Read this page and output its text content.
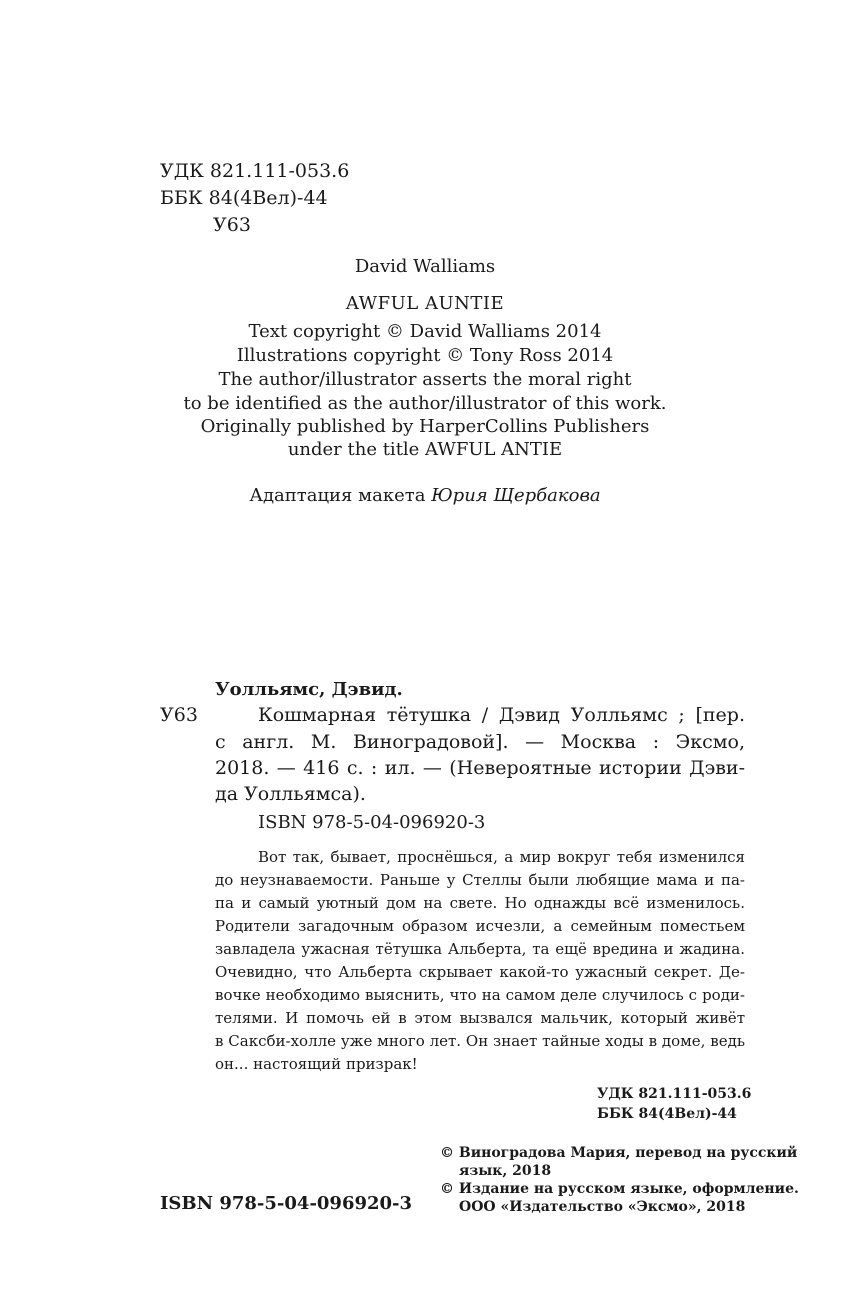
УДК 821.111-053.6
ББК 84(4Вел)-44
У63
David Walliams
AWFUL AUNTIE
Text copyright © David Walliams 2014
Illustrations copyright © Tony Ross 2014
The author/illustrator asserts the moral right
to be identified as the author/illustrator of this work.
Originally published by HarperCollins Publishers
under the title AWFUL ANTIE
Адаптация макета Юрия Щербакова
Уолльямс, Дэвид.
У63	Кошмарная тётушка / Дэвид Уолльямс ; [пер.
с англ. М. Виноградовой]. — Москва : Эксмо,
2018. — 416 с. : ил. — (Невероятные истории Дэви-
да Уолльямса).
ISBN 978-5-04-096920-3
Вот так, бывает, проснёшься, а мир вокруг тебя изменился
до неузнаваемости. Раньше у Стеллы были любящие мама и па-
па и самый уютный дом на свете. Но однажды всё изменилось.
Родители загадочным образом исчезли, а семейным поместьем
завладела ужасная тётушка Альберта, та ещё вредина и жадина.
Очевидно, что Альберта скрывает какой-то ужасный секрет. Де-
вочке необходимо выяснить, что на самом деле случилось с роди-
телями. И помочь ей в этом вызвался мальчик, который живёт
в Саксби-холле уже много лет. Он знает тайные ходы в доме, ведь
он... настоящий призрак!
УДК 821.111-053.6
ББК 84(4Вел)-44
© Виноградова Мария, перевод на русский
язык, 2018
© Издание на русском языке, оформление.
ООО «Издательство «Эксмо», 2018
ISBN 978-5-04-096920-3
